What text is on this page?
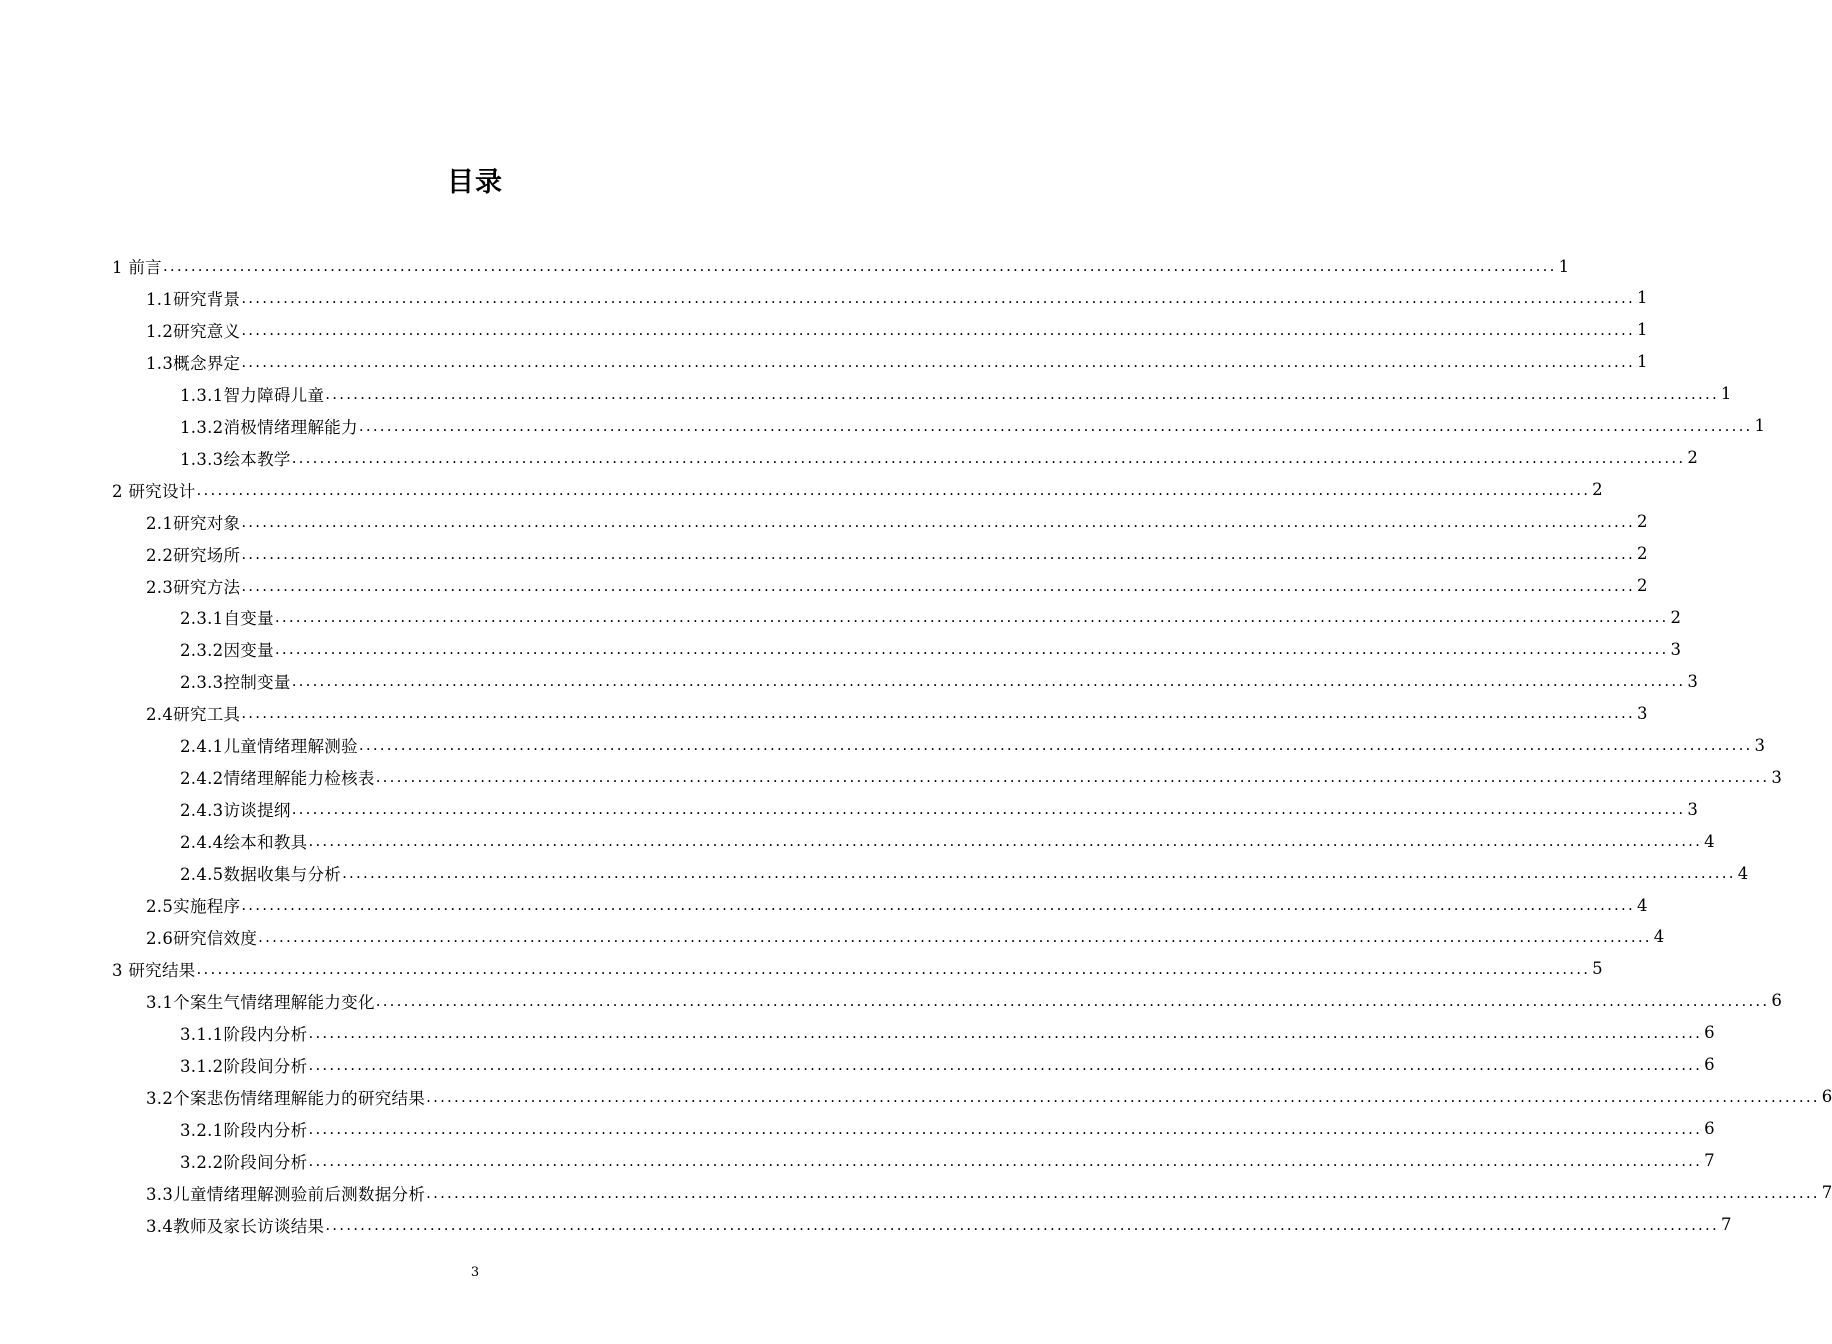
目录
1 前言 ........................................................................................................................................................................................................ 1
1.1研究背景 ........................................................................................................................................................................................................ 1
1.2研究意义 ........................................................................................................................................................................................................ 1
1.3概念界定 ........................................................................................................................................................................................................ 1
1.3.1智力障碍儿童 ........................................................................................................................................................................................................ 1
1.3.2消极情绪理解能力 ........................................................................................................................................................................................................ 1
1.3.3绘本教学 ........................................................................................................................................................................................................ 2
2 研究设计 ........................................................................................................................................................................................................ 2
2.1研究对象 ........................................................................................................................................................................................................ 2
2.2研究场所 ........................................................................................................................................................................................................ 2
2.3研究方法 ........................................................................................................................................................................................................ 2
2.3.1自变量 ........................................................................................................................................................................................................ 2
2.3.2因变量 ........................................................................................................................................................................................................ 3
2.3.3控制变量 ........................................................................................................................................................................................................ 3
2.4研究工具 ........................................................................................................................................................................................................ 3
2.4.1儿童情绪理解测验 ........................................................................................................................................................................................................ 3
2.4.2情绪理解能力检核表 ........................................................................................................................................................................................................ 3
2.4.3访谈提纲 ........................................................................................................................................................................................................ 3
2.4.4绘本和教具 ........................................................................................................................................................................................................ 4
2.4.5数据收集与分析 ........................................................................................................................................................................................................ 4
2.5实施程序 ........................................................................................................................................................................................................ 4
2.6研究信效度 ........................................................................................................................................................................................................ 4
3 研究结果 ........................................................................................................................................................................................................ 5
3.1个案生气情绪理解能力变化 ........................................................................................................................................................................................................ 6
3.1.1阶段内分析 ........................................................................................................................................................................................................ 6
3.1.2阶段间分析 ........................................................................................................................................................................................................ 6
3.2个案悲伤情绪理解能力的研究结果 ........................................................................................................................................................................................................ 6
3.2.1阶段内分析 ........................................................................................................................................................................................................ 6
3.2.2阶段间分析 ........................................................................................................................................................................................................ 7
3.3儿童情绪理解测验前后测数据分析 ........................................................................................................................................................................................................ 7
3.4教师及家长访谈结果 ........................................................................................................................................................................................................ 7
3
